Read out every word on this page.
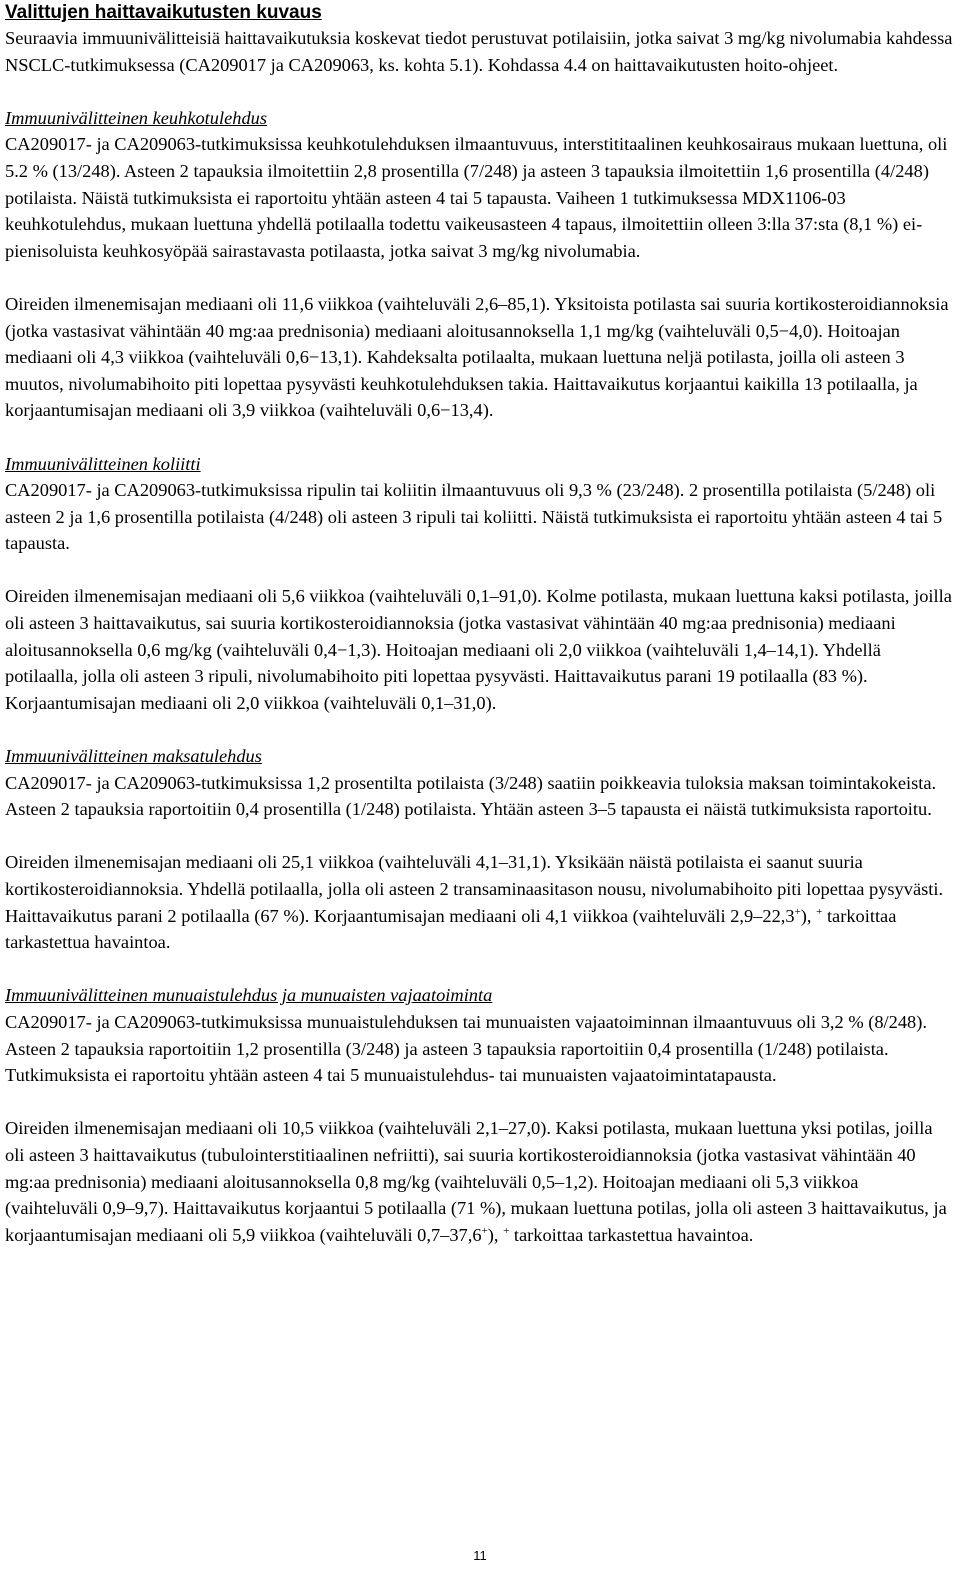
Valittujen haittavaikutusten kuvaus

Seuraavia immuunivälitteisiä haittavaikutuksia koskevat tiedot perustuvat potilaisiin, jotka saivat 3 mg/kg nivolumabia kahdessa NSCLC-tutkimuksessa (CA209017 ja CA209063, ks. kohta 5.1). Kohdassa 4.4 on haittavaikutusten hoito-ohjeet.

Immuunivälitteinen keuhkotulehdus

CA209017- ja CA209063-tutkimuksissa keuhkotulehduksen ilmaantuvuus, interstititaalinen keuhkosairaus mukaan luettuna, oli 5.2 % (13/248). Asteen 2 tapauksia ilmoitettiin 2,8 prosentilla (7/248) ja asteen 3 tapauksia ilmoitettiin 1,6 prosentilla (4/248) potilaista. Näistä tutkimuksista ei raportoitu yhtään asteen 4 tai 5 tapausta. Vaiheen 1 tutkimuksessa MDX1106-03 keuhkotulehdus, mukaan luettuna yhdellä potilaalla todettu vaikeusasteen 4 tapaus, ilmoitettiin olleen 3:lla 37:sta (8,1 %) ei-pienisoluista keuhkosyöpää sairastavasta potilaasta, jotka saivat 3 mg/kg nivolumabia.

Oireiden ilmenemisajan mediaani oli 11,6 viikkoa (vaihteluväli 2,6–85,1). Yksitoista potilasta sai suuria kortikosteroidiannoksia (jotka vastasivat vähintään 40 mg:aa prednisonia) mediaani aloitusannoksella 1,1 mg/kg (vaihteluväli 0,5−4,0). Hoitoajan mediaani oli 4,3 viikkoa (vaihteluväli 0,6−13,1). Kahdeksalta potilaalta, mukaan luettuna neljä potilasta, joilla oli asteen 3 muutos, nivolumabihoito piti lopettaa pysyvästi keuhkotulehduksen takia. Haittavaikutus korjaantui kaikilla 13 potilaalla, ja korjaantumisajan mediaani oli 3,9 viikkoa (vaihteluväli 0,6−13,4).

Immuunivälitteinen koliitti

CA209017- ja CA209063-tutkimuksissa ripulin tai koliitin ilmaantuvuus oli 9,3 % (23/248). 2 prosentilla potilaista (5/248) oli asteen 2 ja 1,6 prosentilla potilaista (4/248) oli asteen 3 ripuli tai koliitti. Näistä tutkimuksista ei raportoitu yhtään asteen 4 tai 5 tapausta.

Oireiden ilmenemisajan mediaani oli 5,6 viikkoa (vaihteluväli 0,1–91,0). Kolme potilasta, mukaan luettuna kaksi potilasta, joilla oli asteen 3 haittavaikutus, sai suuria kortikosteroidiannoksia (jotka vastasivat vähintään 40 mg:aa prednisonia) mediaani aloitusannoksella 0,6 mg/kg (vaihteluväli 0,4−1,3). Hoitoajan mediaani oli 2,0 viikkoa (vaihteluväli 1,4–14,1). Yhdellä potilaalla, jolla oli asteen 3 ripuli, nivolumabihoito piti lopettaa pysyvästi. Haittavaikutus parani 19 potilaalla (83 %). Korjaantumisajan mediaani oli 2,0 viikkoa (vaihteluväli 0,1–31,0).

Immuunivälitteinen maksatulehdus

CA209017- ja CA209063-tutkimuksissa 1,2 prosentilta potilaista (3/248) saatiin poikkeavia tuloksia maksan toimintakokeista. Asteen 2 tapauksia raportoitiin 0,4 prosentilla (1/248) potilaista. Yhtään asteen 3–5 tapausta ei näistä tutkimuksista raportoitu.

Oireiden ilmenemisajan mediaani oli 25,1 viikkoa (vaihteluväli 4,1–31,1). Yksikään näistä potilaista ei saanut suuria kortikosteroidiannoksia. Yhdellä potilaalla, jolla oli asteen 2 transaminaasitason nousu, nivolumabihoito piti lopettaa pysyvästi. Haittavaikutus parani 2 potilaalla (67 %). Korjaantumisajan mediaani oli 4,1 viikkoa (vaihteluväli 2,9–22,3+), + tarkoittaa tarkastettua havaintoa.

Immuunivälitteinen munuaistulehdus ja munuaisten vajaatoiminta

CA209017- ja CA209063-tutkimuksissa munuaistulehduksen tai munuaisten vajaatoiminnan ilmaantuvuus oli 3,2 % (8/248). Asteen 2 tapauksia raportoitiin 1,2 prosentilla (3/248) ja asteen 3 tapauksia raportoitiin 0,4 prosentilla (1/248) potilaista. Tutkimuksista ei raportoitu yhtään asteen 4 tai 5 munuaistulehdus- tai munuaisten vajaatoimintatapausta.

Oireiden ilmenemisajan mediaani oli 10,5 viikkoa (vaihteluväli 2,1–27,0). Kaksi potilasta, mukaan luettuna yksi potilas, joilla oli asteen 3 haittavaikutus (tubulointerstitiaalinen nefriitti), sai suuria kortikosteroidiannoksia (jotka vastasivat vähintään 40 mg:aa prednisonia) mediaani aloitusannoksella 0,8 mg/kg (vaihteluväli 0,5–1,2). Hoitoajan mediaani oli 5,3 viikkoa (vaihteluväli 0,9–9,7). Haittavaikutus korjaantui 5 potilaalla (71 %), mukaan luettuna potilas, jolla oli asteen 3 haittavaikutus, ja korjaantumisajan mediaani oli 5,9 viikkoa (vaihteluväli 0,7–37,6+), + tarkoittaa tarkastettua havaintoa.

11
